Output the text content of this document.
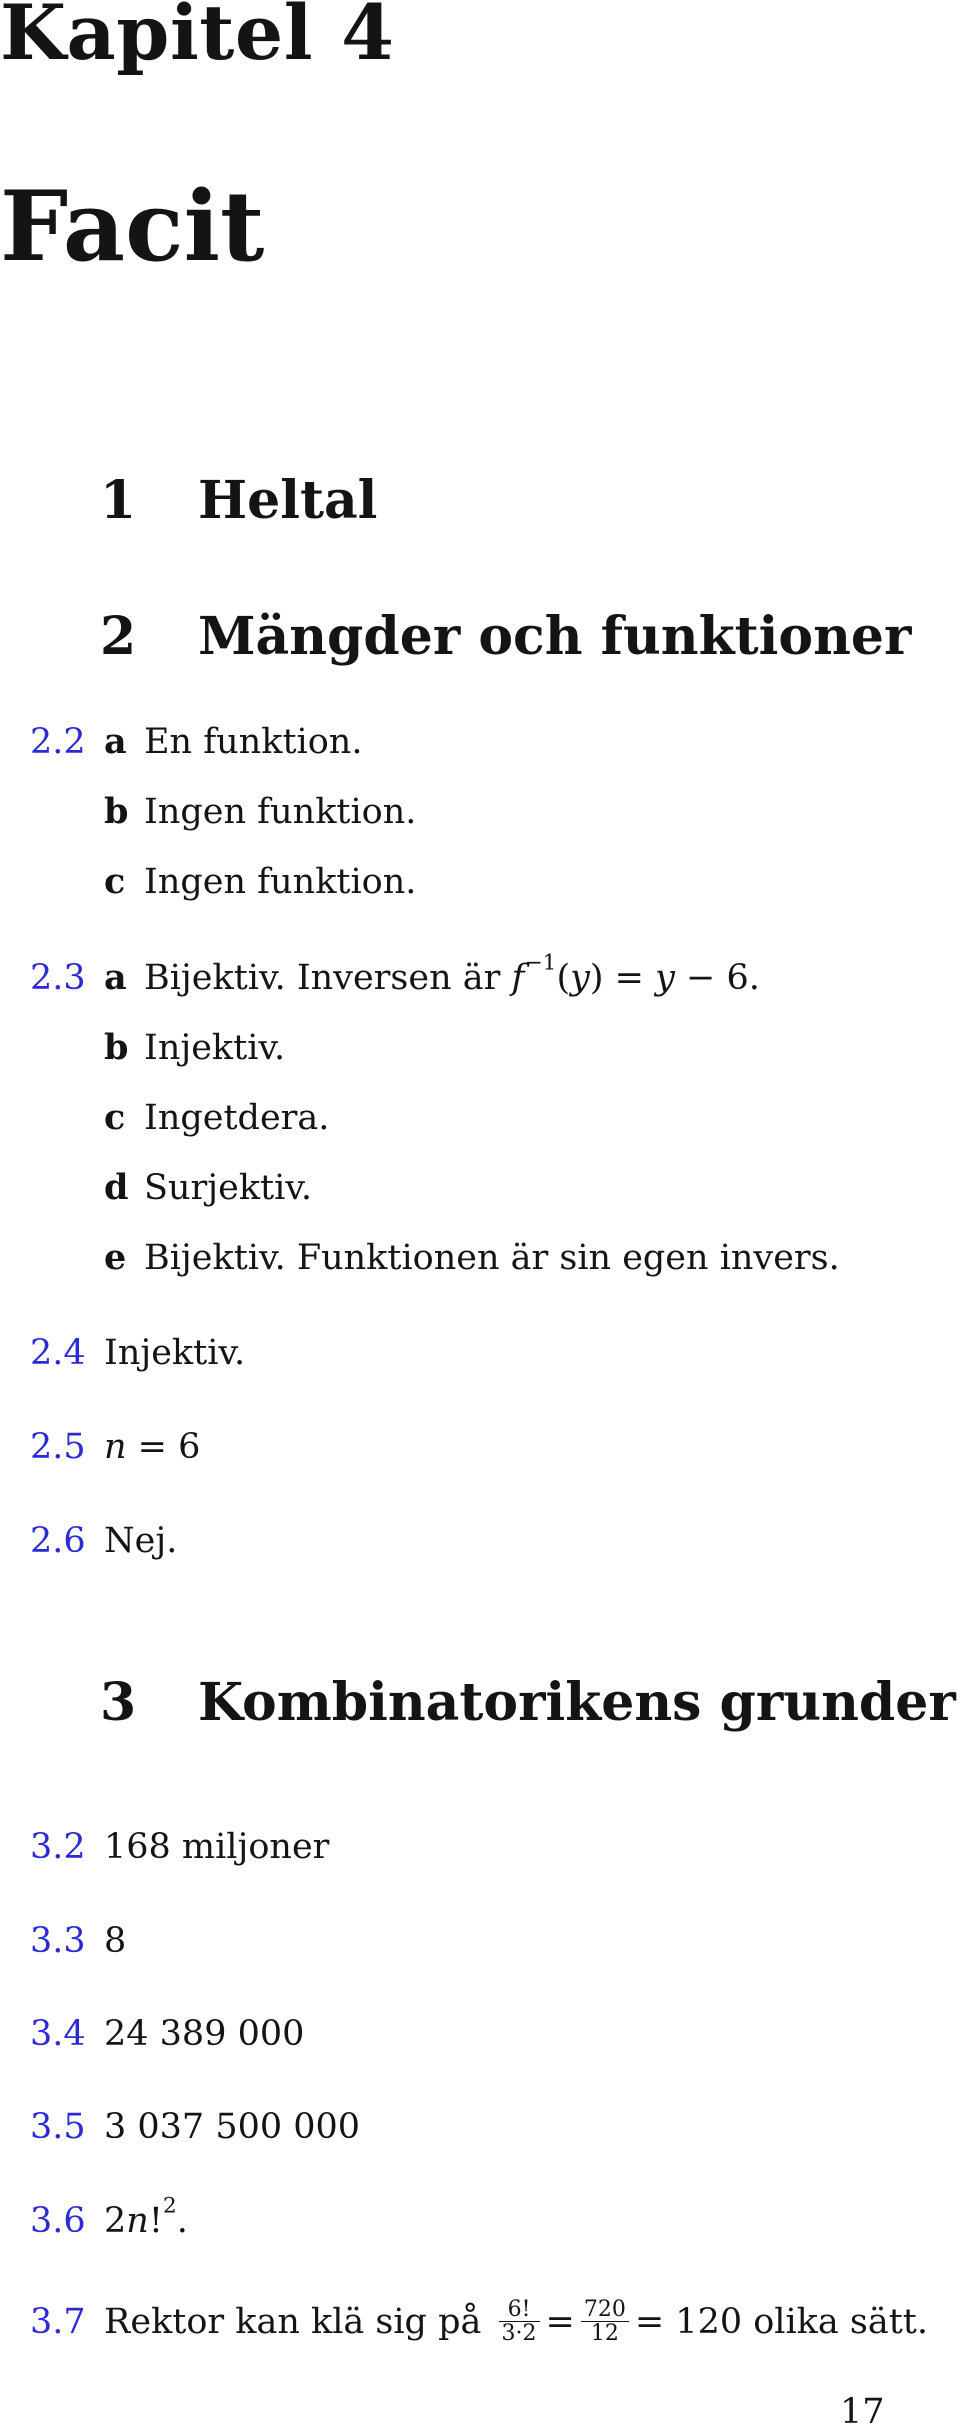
Kapitel 4
Facit
1 Heltal
2 Mängder och funktioner
2.2 a En funktion.
b Ingen funktion.
c Ingen funktion.
2.3 a Bijektiv. Inversen är $f^{-1}(y) = y - 6$.
b Injektiv.
c Ingetdera.
d Surjektiv.
e Bijektiv. Funktionen är sin egen invers.
2.4 Injektiv.
2.5 n = 6
2.6 Nej.
3 Kombinatorikens grunder
3.2 168 miljoner
3.3 8
3.4 24 389 000
3.5 3 037 500 000
3.6 2n!$^2$.
3.7 Rektor kan klä sig på $\frac{6!}{3\cdot 2} = \frac{720}{12} = 120$ olika sätt.
17
